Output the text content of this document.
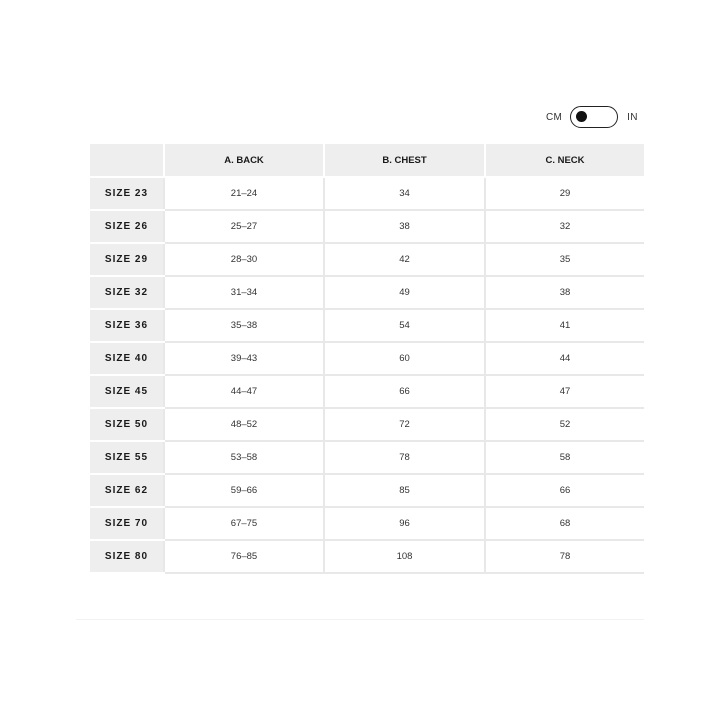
CM	IN
	A. BACK	B. CHEST	C. NECK
SIZE 23	21–24	34	29
SIZE 26	25–27	38	32
SIZE 29	28–30	42	35
SIZE 32	31–34	49	38
SIZE 36	35–38	54	41
SIZE 40	39–43	60	44
SIZE 45	44–47	66	47
SIZE 50	48–52	72	52
SIZE 55	53–58	78	58
SIZE 62	59–66	85	66
SIZE 70	67–75	96	68
SIZE 80	76–85	108	78
